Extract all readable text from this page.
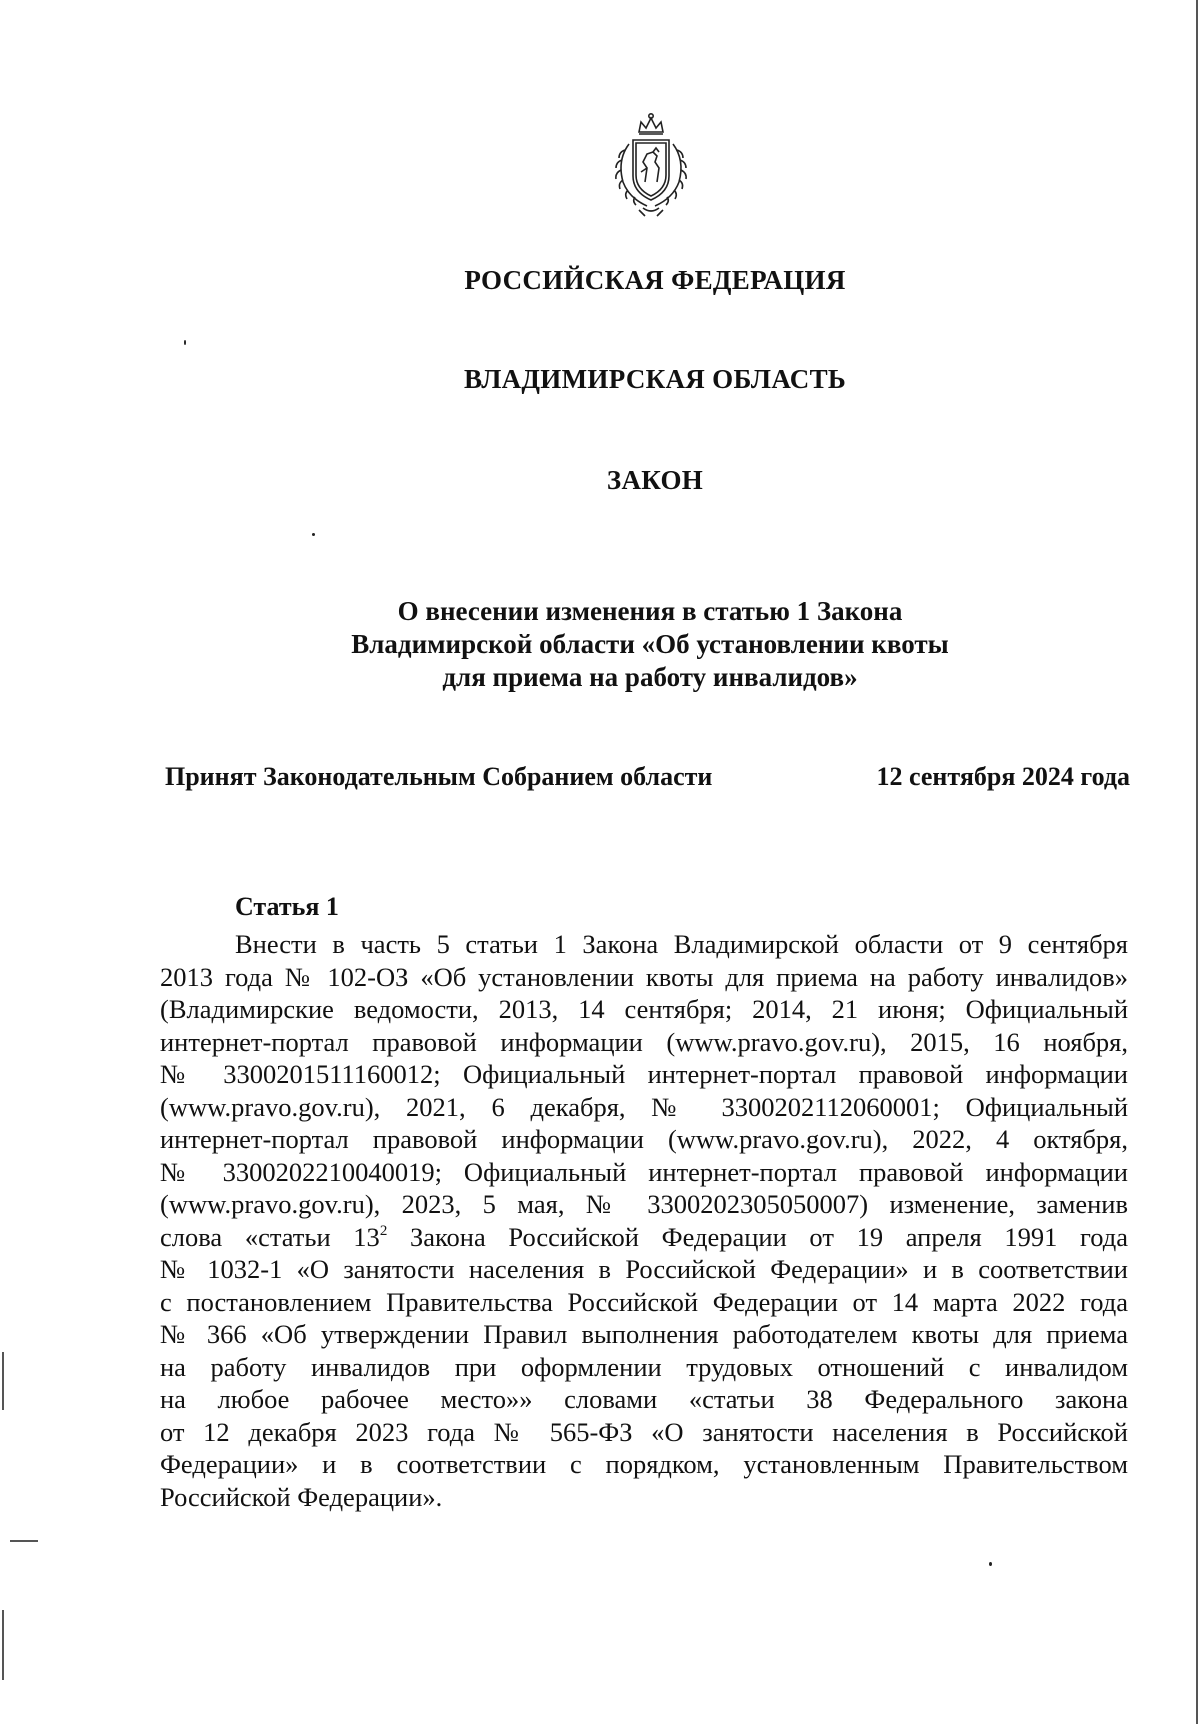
РОССИЙСКАЯ ФЕДЕРАЦИЯ
ВЛАДИМИРСКАЯ ОБЛАСТЬ
ЗАКОН
О внесении изменения в статью 1 Закона
Владимирской области «Об установлении квоты
для приема на работу инвалидов»
Принят Законодательным Собранием области	12 сентября 2024 года
Статья 1
Внести в часть 5 статьи 1 Закона Владимирской области от 9 сентября
2013 года № 102-ОЗ «Об установлении квоты для приема на работу инвалидов»
(Владимирские ведомости, 2013, 14 сентября; 2014, 21 июня; Официальный
интернет-портал правовой информации (www.pravo.gov.ru), 2015, 16 ноября,
№ 3300201511160012; Официальный интернет-портал правовой информации
(www.pravo.gov.ru), 2021, 6 декабря, № 3300202112060001; Официальный
интернет-портал правовой информации (www.pravo.gov.ru), 2022, 4 октября,
№ 3300202210040019; Официальный интернет-портал правовой информации
(www.pravo.gov.ru), 2023, 5 мая, № 3300202305050007) изменение, заменив
слова «статьи $13^2$ Закона Российской Федерации от 19 апреля 1991 года
№ 1032-1 «О занятости населения в Российской Федерации» и в соответствии
с постановлением Правительства Российской Федерации от 14 марта 2022 года
№ 366 «Об утверждении Правил выполнения работодателем квоты для приема
на работу инвалидов при оформлении трудовых отношений с инвалидом
на любое рабочее место»» словами «статьи 38 Федерального закона
от 12 декабря 2023 года № 565-ФЗ «О занятости населения в Российской
Федерации» и в соответствии с порядком, установленным Правительством
Российской Федерации».
